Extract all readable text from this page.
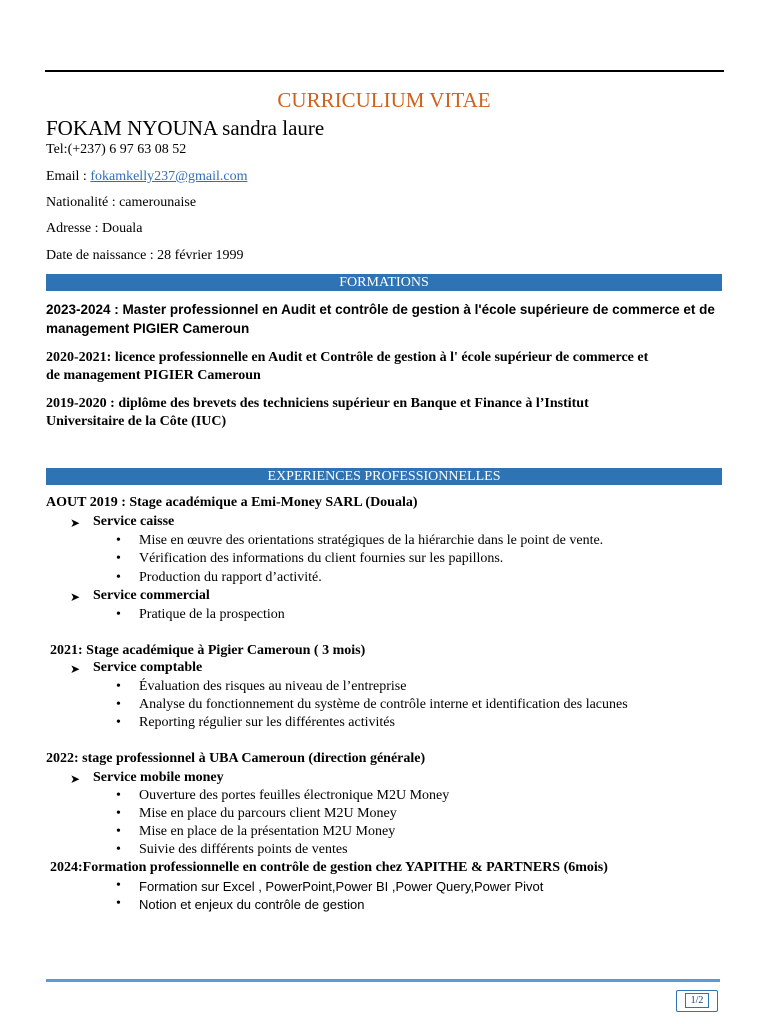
CURRICULIUM VITAE
FOKAM NYOUNA sandra laure
Tel:(+237) 6 97 63 08 52
Email : fokamkelly237@gmail.com
Nationalité : camerounaise
Adresse : Douala
Date de naissance : 28 février 1999
FORMATIONS
2023-2024 : Master professionnel en Audit et contrôle de gestion à l'école supérieure de commerce et de
management PIGIER Cameroun
2020-2021: licence professionnelle en Audit et Contrôle de gestion à l' école supérieur de commerce et
de management PIGIER Cameroun
2019-2020 : diplôme des brevets des techniciens supérieur en Banque et Finance à l’Institut
Universitaire de la Côte (IUC)
EXPERIENCES PROFESSIONNELLES
AOUT 2019 : Stage académique a Emi-Money SARL (Douala)
➤ Service caisse
• Mise en œuvre des orientations stratégiques de la hiérarchie dans le point de vente.
• Vérification des informations du client fournies sur les papillons.
• Production du rapport d’activité.
➤ Service commercial
• Pratique de la prospection
2021: Stage académique à Pigier Cameroun ( 3 mois)
➤ Service comptable
• Évaluation des risques au niveau de l’entreprise
• Analyse du fonctionnement du système de contrôle interne et identification des lacunes
• Reporting régulier sur les différentes activités
2022: stage professionnel à UBA Cameroun (direction générale)
➤ Service mobile money
• Ouverture des portes feuilles électronique M2U Money
• Mise en place du parcours client M2U Money
• Mise en place de la présentation M2U Money
• Suivie des différents points de ventes
2024:Formation professionnelle en contrôle de gestion chez YAPITHE & PARTNERS (6mois)
• Formation sur Excel , PowerPoint,Power BI ,Power Query,Power Pivot
• Notion et enjeux du contrôle de gestion
1/2
